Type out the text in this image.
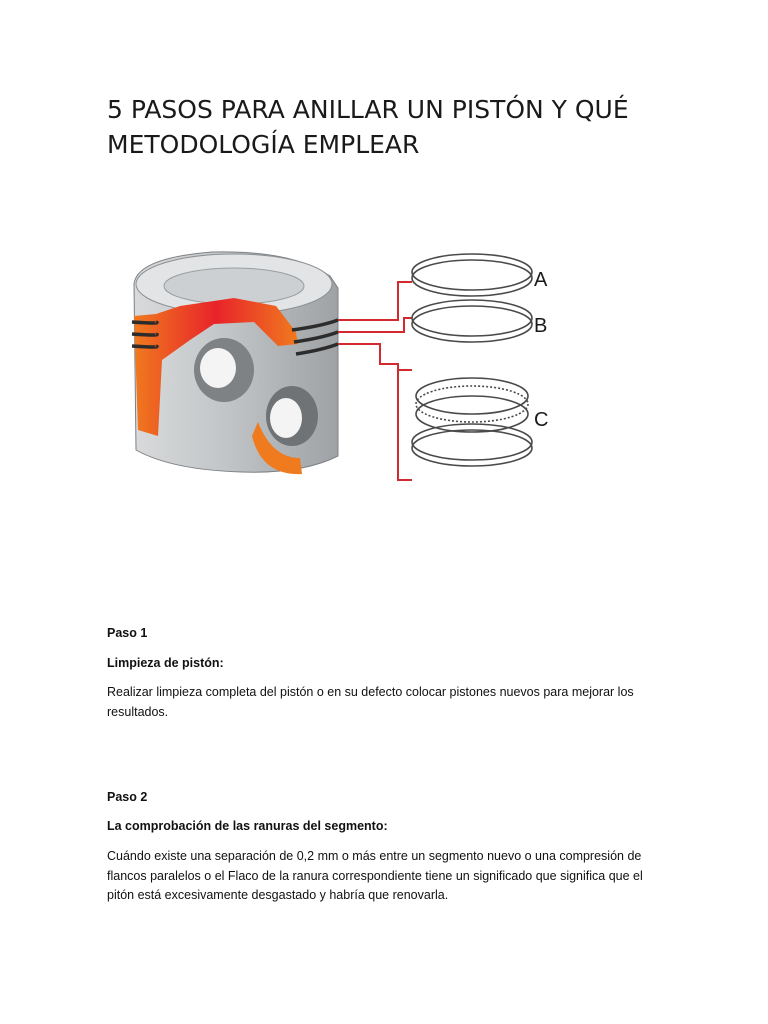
5 PASOS PARA ANILLAR UN PISTÓN Y QUÉ METODOLOGÍA EMPLEAR
A
B
C

Paso 1

Limpieza de pistón:

Realizar limpieza completa del pistón o en su defecto colocar pistones nuevos para mejorar los resultados.

Paso 2

La comprobación de las ranuras del segmento:

Cuándo existe una separación de 0,2 mm o más entre un segmento nuevo o una compresión de flancos paralelos o el Flaco de la ranura correspondiente tiene un significado que significa que el pitón está excesivamente desgastado y habría que renovarla.
